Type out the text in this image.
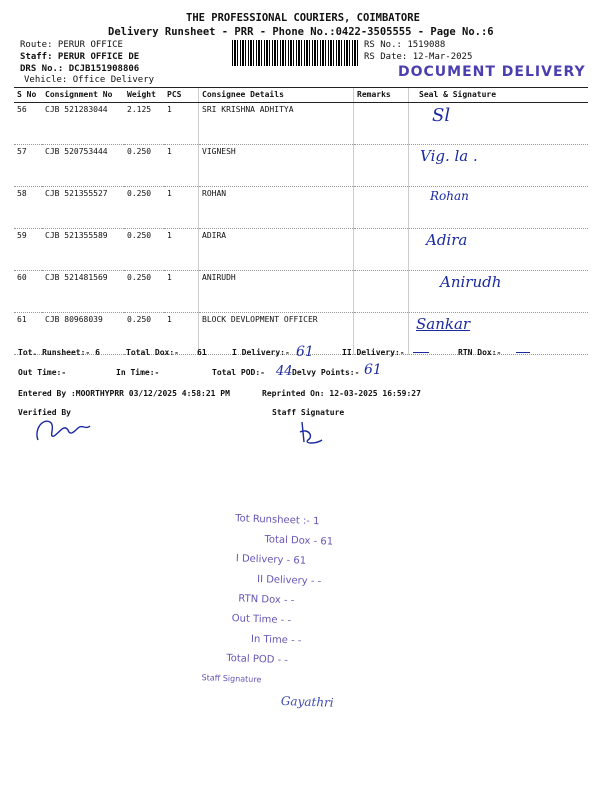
THE PROFESSIONAL COURIERS, COIMBATORE
Delivery Runsheet - PRR - Phone No.:0422-3505555 - Page No.:6
Route: PERUR OFFICE
Staff: PERUR OFFICE DE
DRS No.: DCJB151908806
Vehicle: Office Delivery
RS No.: 1519088
RS Date: 12-Mar-2025
DOCUMENT DELIVERY
S No	Consignment No	Weight	PCS	Consignee Details	Remarks	Seal & Signature
56	CJB 521283044	2.125	1	SRI KRISHNA ADHITYA		Sl
57	CJB 520753444	0.250	1	VIGNESH		Vig. la .
58	CJB 521355527	0.250	1	ROHAN		Rohan
59	CJB 521355589	0.250	1	ADIRA		Adira
60	CJB 521481569	0.250	1	ANIRUDH		Anirudh
61	CJB 80968039	0.250	1	BLOCK DEVLOPMENT OFFICER		Sankar
Tot. Runsheet:- 6	Total Dox:- 61	I Delivery:- 61	II Delivery:-	RTN Dox:-
Out Time:-	In Time:-	Total POD:- 44 Delvy Points:- 61
Entered By :MOORTHYPRR 03/12/2025 4:58:21 PM	Reprinted On: 12-03-2025 16:59:27
Verified By	Staff Signature
Tot Runsheet :- 1
Total Dox - 61
I Delivery - 61
II Delivery - -
RTN Dox - -
Out Time - -
In Time - -
Total POD - -
Staff Signature
Gayathri
